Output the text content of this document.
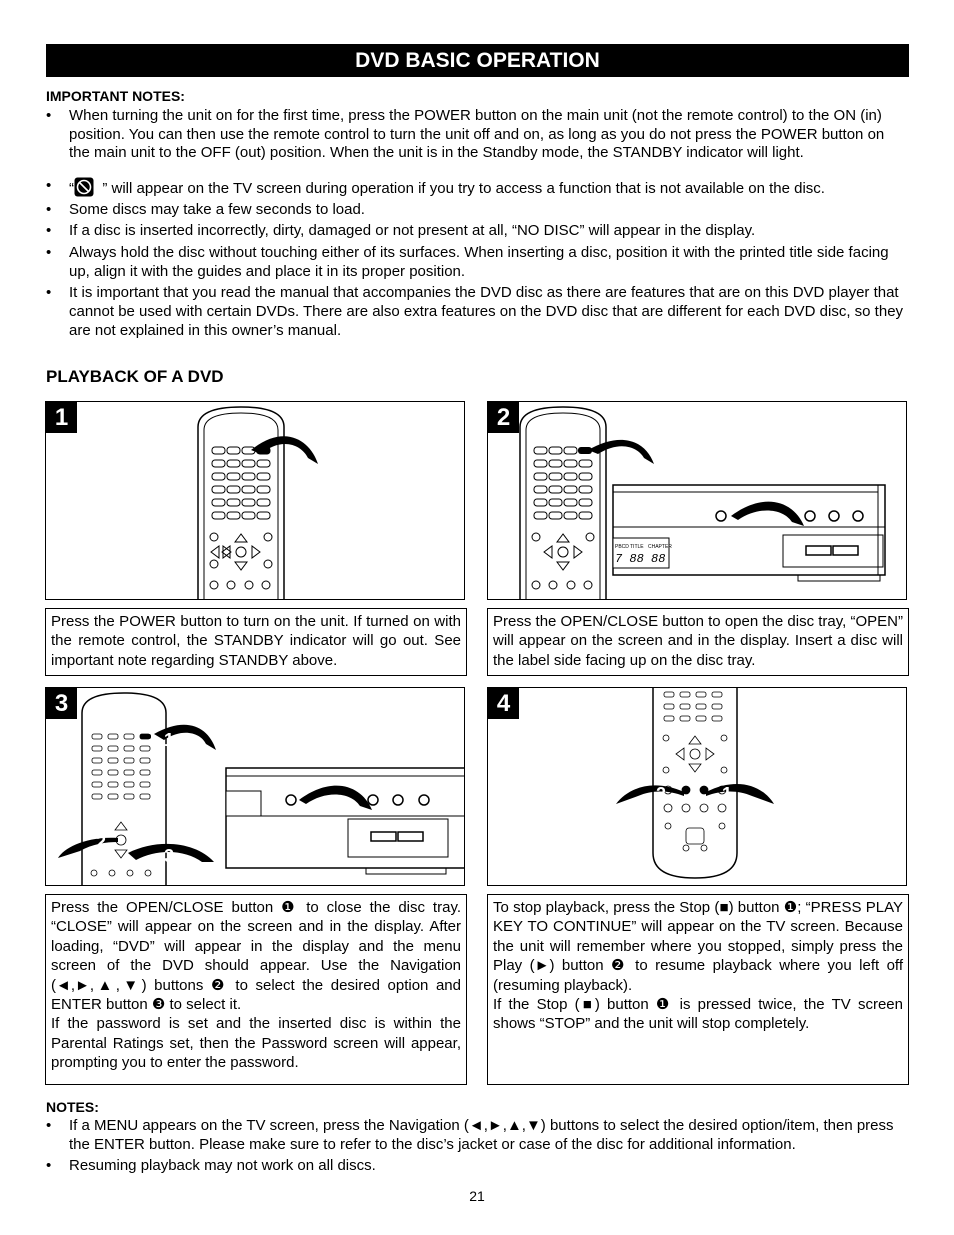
DVD BASIC OPERATION
IMPORTANT NOTES:
• When turning the unit on for the first time, press the POWER button on the main unit (not the remote control) to the ON (in) position. You can then use the remote control to turn the unit off and on, as long as you do not press the POWER button on the main unit to the OFF (out) position. When the unit is in the Standby mode, the STANDBY indicator will light.
• “ ” will appear on the TV screen during operation if you try to access a function that is not available on the disc.
• Some discs may take a few seconds to load.
• If a disc is inserted incorrectly, dirty, damaged or not present at all, “NO DISC” will appear in the display.
• Always hold the disc without touching either of its surfaces. When inserting a disc, position it with the printed title side facing up, align it with the guides and place it in its proper position.
• It is important that you read the manual that accompanies the DVD disc as there are features that are on this DVD player that cannot be used with certain DVDs. There are also extra features on the DVD disc that are different for each DVD disc, so they are not explained in this owner’s manual.
PLAYBACK OF A DVD
1

Press the POWER button to turn on the unit. If turned on with the remote control, the STANDBY indicator will go out. See important note regarding STANDBY above.

2
PBCD TITLE CHAPTER
7 88 88

Press the OPEN/CLOSE button to open the disc tray, “OPEN” will appear on the screen and in the display. Insert a disc will the label side facing up on the disc tray.

3
1
2
3

Press the OPEN/CLOSE button ❶ to close the disc tray. “CLOSE” will appear on the screen and in the display. After loading, “DVD” will appear in the display and the menu screen of the DVD should appear. Use the Navigation (◄,►,▲,▼) buttons ❷ to select the desired option and ENTER button ❸ to select it.

If the password is set and the inserted disc is within the Parental Ratings set, then the Password screen will appear, prompting you to enter the password.

4
2	1

To stop playback, press the Stop (■) button ❶; “PRESS PLAY KEY TO CONTINUE” will appear on the TV screen. Because the unit will remember where you stopped, simply press the Play (►) button ❷ to resume playback where you left off (resuming playback).

If the Stop (■) button ❶ is pressed twice, the TV screen shows “STOP” and the unit will stop completely.

NOTES:
• If a MENU appears on the TV screen, press the Navigation (◄,►,▲,▼) buttons to select the desired option/item, then press the ENTER button. Please make sure to refer to the disc’s jacket or case of the disc for additional information.
• Resuming playback may not work on all discs.
21
